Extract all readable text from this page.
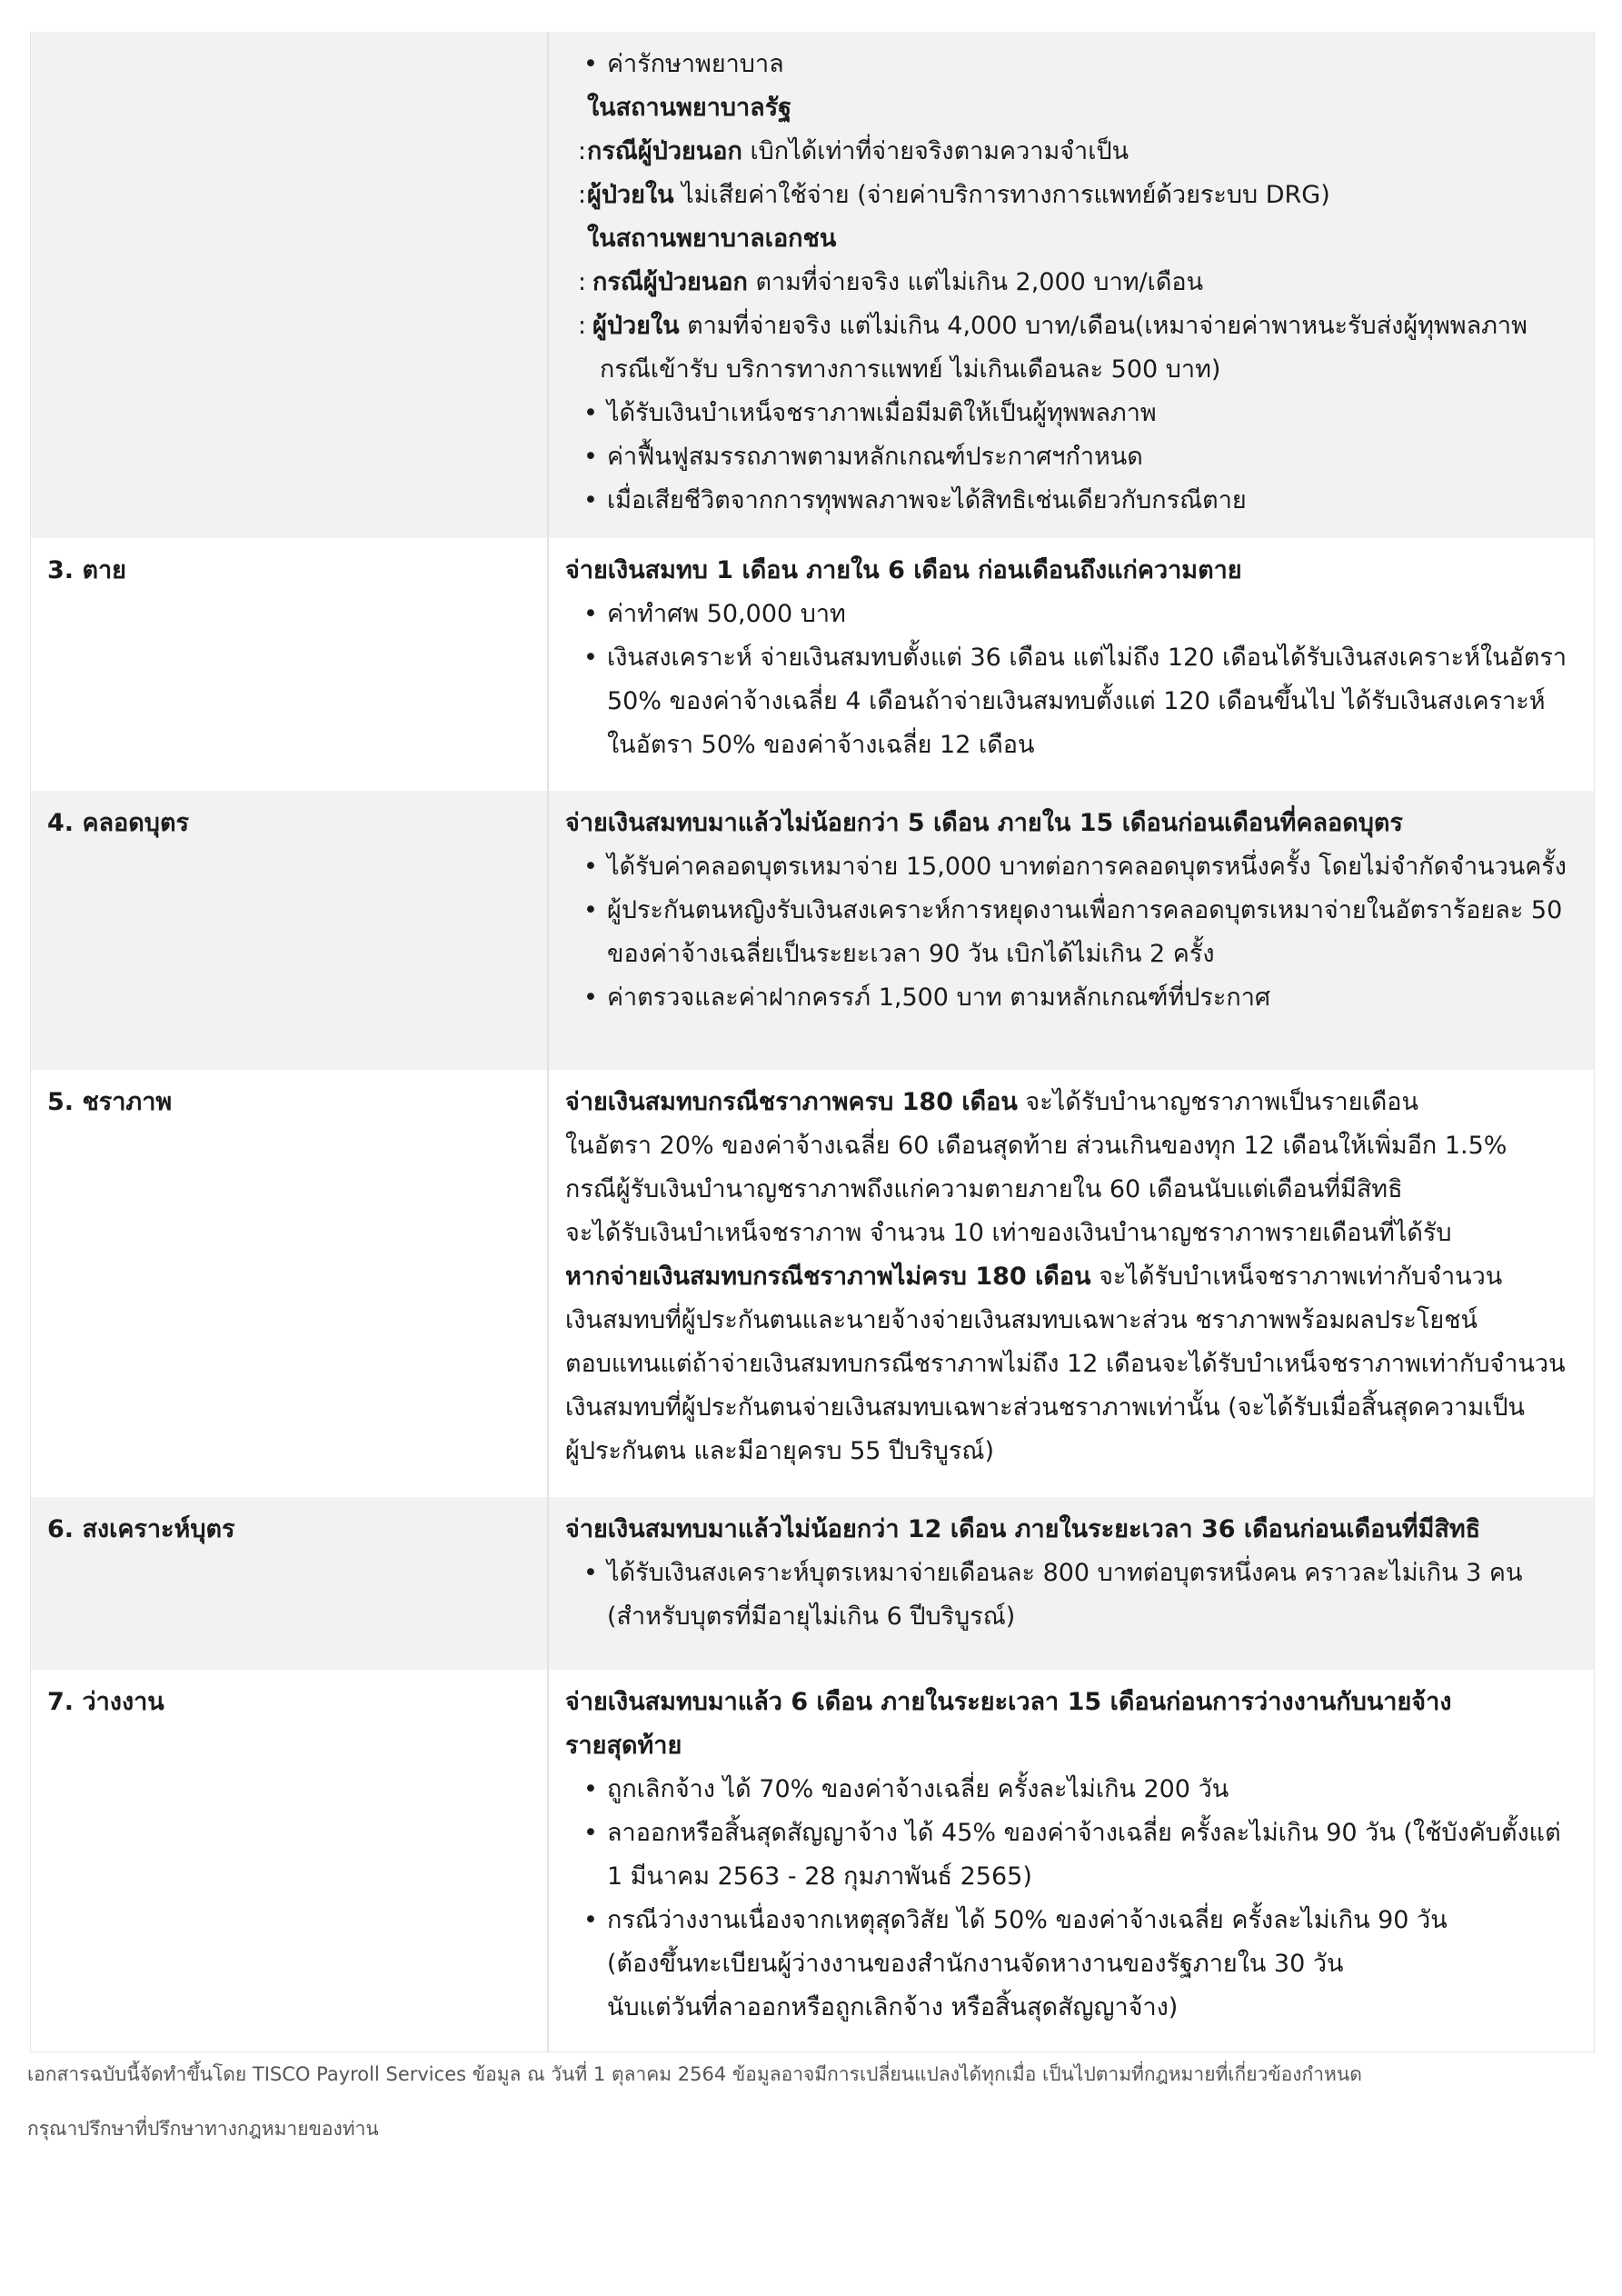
• ค่ารักษาพยาบาล
ในสถานพยาบาลรัฐ
: กรณีผู้ป่วยนอก เบิกได้เท่าที่จ่ายจริงตามความจำเป็น
: ผู้ป่วยใน ไม่เสียค่าใช้จ่าย (จ่ายค่าบริการทางการแพทย์ด้วยระบบ DRG)
ในสถานพยาบาลเอกชน
: กรณีผู้ป่วยนอก ตามที่จ่ายจริง แต่ไม่เกิน 2,000 บาท/เดือน
: ผู้ป่วยใน ตามที่จ่ายจริง แต่ไม่เกิน 4,000 บาท/เดือน(เหมาจ่ายค่าพาหนะรับส่งผู้ทุพพลภาพ
กรณีเข้ารับ บริการทางการแพทย์ ไม่เกินเดือนละ 500 บาท)
• ได้รับเงินบำเหน็จชราภาพเมื่อมีมติให้เป็นผู้ทุพพลภาพ
• ค่าฟื้นฟูสมรรถภาพตามหลักเกณฑ์ประกาศฯกำหนด
• เมื่อเสียชีวิตจากการทุพพลภาพจะได้สิทธิเช่นเดียวกับกรณีตาย
3. ตาย	จ่ายเงินสมทบ 1 เดือน ภายใน 6 เดือน ก่อนเดือนถึงแก่ความตาย
• ค่าทำศพ 50,000 บาท
• เงินสงเคราะห์ จ่ายเงินสมทบตั้งแต่ 36 เดือน แต่ไม่ถึง 120 เดือนได้รับเงินสงเคราะห์ในอัตรา
50% ของค่าจ้างเฉลี่ย 4 เดือนถ้าจ่ายเงินสมทบตั้งแต่ 120 เดือนขึ้นไป ได้รับเงินสงเคราะห์
ในอัตรา 50% ของค่าจ้างเฉลี่ย 12 เดือน
4. คลอดบุตร	จ่ายเงินสมทบมาแล้วไม่น้อยกว่า 5 เดือน ภายใน 15 เดือนก่อนเดือนที่คลอดบุตร
• ได้รับค่าคลอดบุตรเหมาจ่าย 15,000 บาทต่อการคลอดบุตรหนึ่งครั้ง โดยไม่จำกัดจำนวนครั้ง
• ผู้ประกันตนหญิงรับเงินสงเคราะห์การหยุดงานเพื่อการคลอดบุตรเหมาจ่ายในอัตราร้อยละ 50
ของค่าจ้างเฉลี่ยเป็นระยะเวลา 90 วัน เบิกได้ไม่เกิน 2 ครั้ง
• ค่าตรวจและค่าฝากครรภ์ 1,500 บาท ตามหลักเกณฑ์ที่ประกาศ
5. ชราภาพ	จ่ายเงินสมทบกรณีชราภาพครบ 180 เดือน จะได้รับบำนาญชราภาพเป็นรายเดือน
ในอัตรา 20% ของค่าจ้างเฉลี่ย 60 เดือนสุดท้าย ส่วนเกินของทุก 12 เดือนให้เพิ่มอีก 1.5%
กรณีผู้รับเงินบำนาญชราภาพถึงแก่ความตายภายใน 60 เดือนนับแต่เดือนที่มีสิทธิ
จะได้รับเงินบำเหน็จชราภาพ จำนวน 10 เท่าของเงินบำนาญชราภาพรายเดือนที่ได้รับ
หากจ่ายเงินสมทบกรณีชราภาพไม่ครบ 180 เดือน จะได้รับบำเหน็จชราภาพเท่ากับจำนวน
เงินสมทบที่ผู้ประกันตนและนายจ้างจ่ายเงินสมทบเฉพาะส่วน ชราภาพพร้อมผลประโยชน์
ตอบแทนแต่ถ้าจ่ายเงินสมทบกรณีชราภาพไม่ถึง 12 เดือนจะได้รับบำเหน็จชราภาพเท่ากับจำนวน
เงินสมทบที่ผู้ประกันตนจ่ายเงินสมทบเฉพาะส่วนชราภาพเท่านั้น (จะได้รับเมื่อสิ้นสุดความเป็น
ผู้ประกันตน และมีอายุครบ 55 ปีบริบูรณ์)
6. สงเคราะห์บุตร	จ่ายเงินสมทบมาแล้วไม่น้อยกว่า 12 เดือน ภายในระยะเวลา 36 เดือนก่อนเดือนที่มีสิทธิ
• ได้รับเงินสงเคราะห์บุตรเหมาจ่ายเดือนละ 800 บาทต่อบุตรหนึ่งคน คราวละไม่เกิน 3 คน
(สำหรับบุตรที่มีอายุไม่เกิน 6 ปีบริบูรณ์)
7. ว่างงาน	จ่ายเงินสมทบมาแล้ว 6 เดือน ภายในระยะเวลา 15 เดือนก่อนการว่างงานกับนายจ้าง
รายสุดท้าย
• ถูกเลิกจ้าง ได้ 70% ของค่าจ้างเฉลี่ย ครั้งละไม่เกิน 200 วัน
• ลาออกหรือสิ้นสุดสัญญาจ้าง ได้ 45% ของค่าจ้างเฉลี่ย ครั้งละไม่เกิน 90 วัน (ใช้บังคับตั้งแต่
1 มีนาคม 2563 - 28 กุมภาพันธ์ 2565)
• กรณีว่างงานเนื่องจากเหตุสุดวิสัย ได้ 50% ของค่าจ้างเฉลี่ย ครั้งละไม่เกิน 90 วัน
(ต้องขึ้นทะเบียนผู้ว่างงานของสำนักงานจัดหางานของรัฐภายใน 30 วัน
นับแต่วันที่ลาออกหรือถูกเลิกจ้าง หรือสิ้นสุดสัญญาจ้าง)
เอกสารฉบับนี้จัดทำขึ้นโดย TISCO Payroll Services ข้อมูล ณ วันที่ 1 ตุลาคม 2564 ข้อมูลอาจมีการเปลี่ยนแปลงได้ทุกเมื่อ เป็นไปตามที่กฎหมายที่เกี่ยวข้องกำหนด
กรุณาปรึกษาที่ปรึกษาทางกฎหมายของท่าน
